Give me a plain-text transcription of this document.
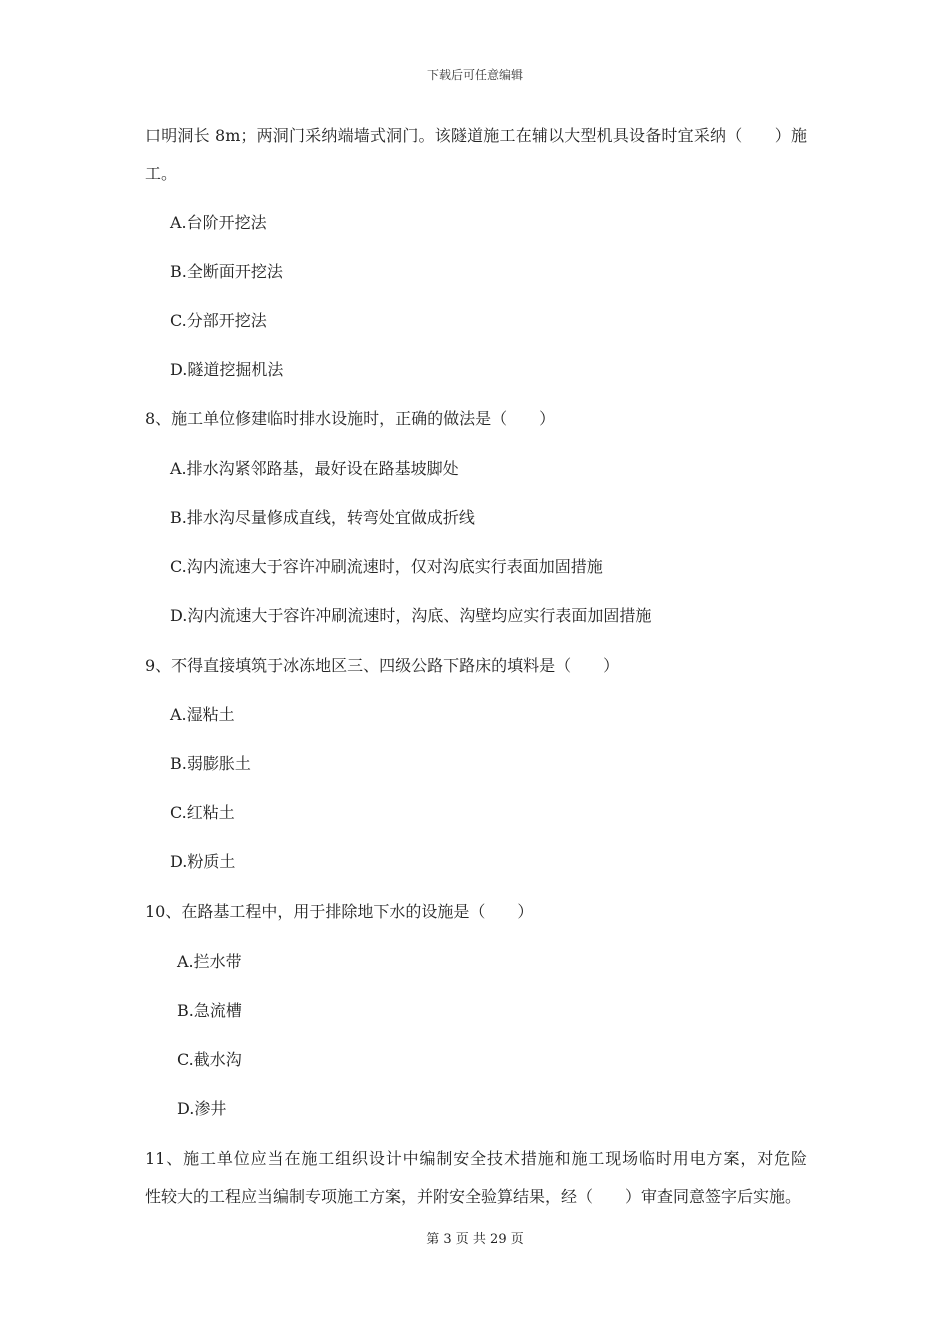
下载后可任意编辑
口明洞长 8m；两洞门采纳端墙式洞门。该隧道施工在辅以大型机具设备时宜采纳（　　）施
工。
A.台阶开挖法
B.全断面开挖法
C.分部开挖法
D.隧道挖掘机法
8、施工单位修建临时排水设施时，正确的做法是（　　）
A.排水沟紧邻路基，最好设在路基坡脚处
B.排水沟尽量修成直线，转弯处宜做成折线
C.沟内流速大于容许冲刷流速时，仅对沟底实行表面加固措施
D.沟内流速大于容许冲刷流速时，沟底、沟壁均应实行表面加固措施
9、不得直接填筑于冰冻地区三、四级公路下路床的填料是（　　）
A.湿粘土
B.弱膨胀土
C.红粘土
D.粉质土
10、在路基工程中，用于排除地下水的设施是（　　）
A.拦水带
B.急流槽
C.截水沟
D.渗井
11、施工单位应当在施工组织设计中编制安全技术措施和施工现场临时用电方案，对危险
性较大的工程应当编制专项施工方案，并附安全验算结果，经（　　）审查同意签字后实施。
第 3 页 共 29 页
